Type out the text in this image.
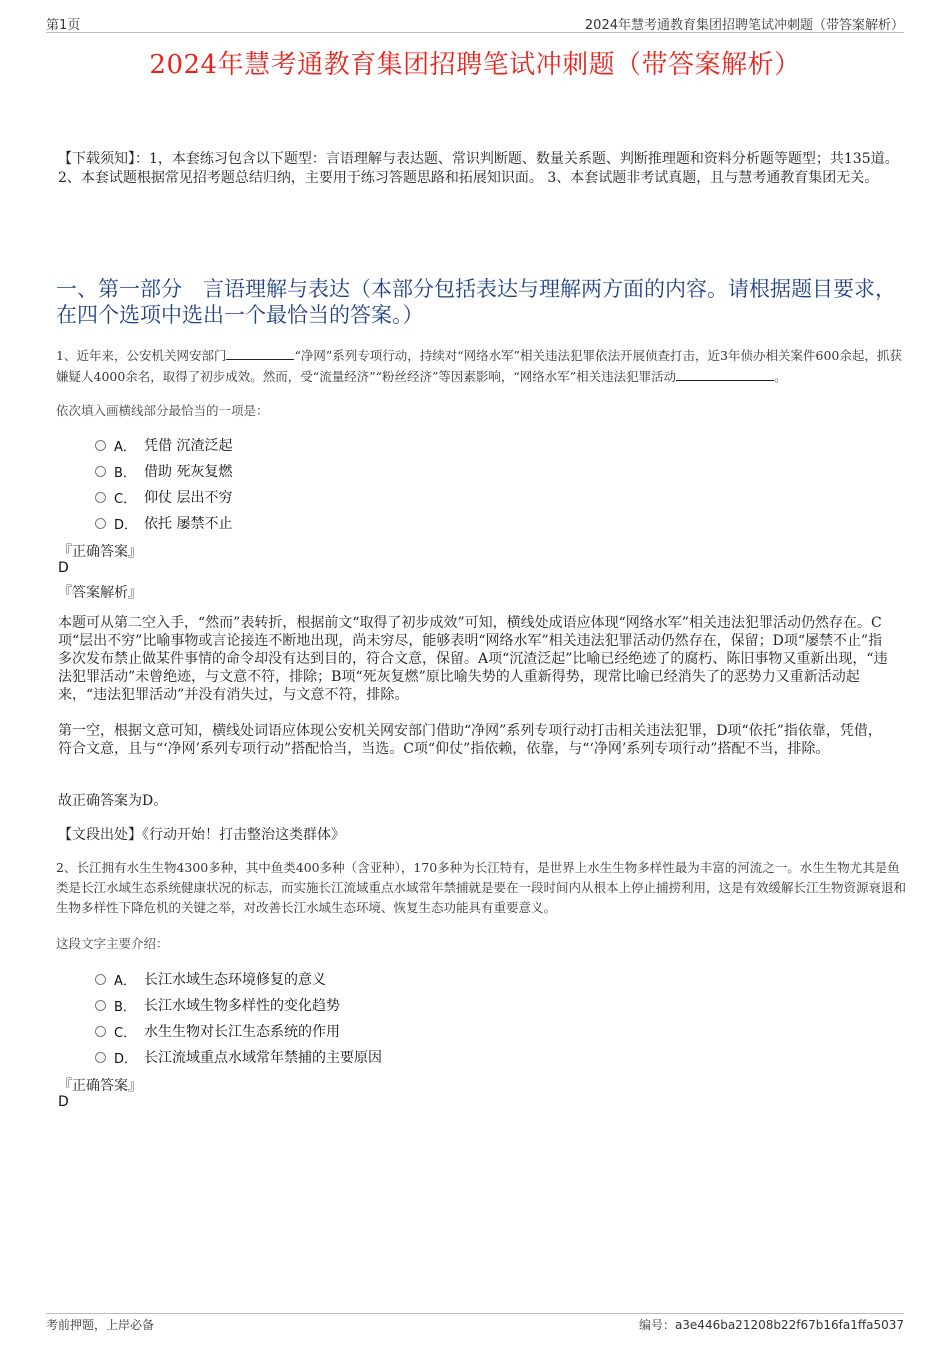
第1页	2024年慧考通教育集团招聘笔试冲刺题（带答案解析）
2024年慧考通教育集团招聘笔试冲刺题（带答案解析）
【下载须知】：1，本套练习包含以下题型：言语理解与表达题、常识判断题、数量关系题、判断推理题和资料分析题等题型；共135道。 2、本套试题根据常见招考题总结归纳，主要用于练习答题思路和拓展知识面。 3、本套试题非考试真题，且与慧考通教育集团无关。
一、第一部分　言语理解与表达（本部分包括表达与理解两方面的内容。请根据题目要求，在四个选项中选出一个最恰当的答案。）
1、近年来，公安机关网安部门	“净网”系列专项行动，持续对“网络水军”相关违法犯罪依法开展侦查打击，近3年侦办相关案件600余起，抓获嫌疑人4000余名，取得了初步成效。然而，受“流量经济”“粉丝经济”等因素影响，“网络水军”相关违法犯罪活动	。
依次填入画横线部分最恰当的一项是：
A． 凭借 沉渣泛起
B． 借助 死灰复燃
C． 仰仗 层出不穷
D． 依托 屡禁不止
『正确答案』
D
『答案解析』
本题可从第二空入手，“然而”表转折，根据前文“取得了初步成效”可知，横线处成语应体现“网络水军”相关违法犯罪活动仍然存在。C项“层出不穷”比喻事物或言论接连不断地出现，尚未穷尽，能够表明“网络水军”相关违法犯罪活动仍然存在，保留；D项“屡禁不止”指多次发布禁止做某件事情的命令却没有达到目的，符合文意，保留。A项“沉渣泛起”比喻已经绝迹了的腐朽、陈旧事物又重新出现，“违法犯罪活动”未曾绝迹，与文意不符，排除；B项“死灰复燃”原比喻失势的人重新得势，现常比喻已经消失了的恶势力又重新活动起来，“违法犯罪活动”并没有消失过，与文意不符，排除。
第一空，根据文意可知，横线处词语应体现公安机关网安部门借助“净网”系列专项行动打击相关违法犯罪，D项“依托”指依靠，凭借，符合文意，且与“‘净网’系列专项行动”搭配恰当，当选。C项“仰仗”指依赖，依靠，与“‘净网’系列专项行动”搭配不当，排除。
故正确答案为D。
【文段出处】《行动开始！打击整治这类群体》
2、长江拥有水生生物4300多种，其中鱼类400多种（含亚种），170多种为长江特有，是世界上水生生物多样性最为丰富的河流之一。水生生物尤其是鱼类是长江水域生态系统健康状况的标志，而实施长江流域重点水域常年禁捕就是要在一段时间内从根本上停止捕捞利用，这是有效缓解长江生物资源衰退和生物多样性下降危机的关键之举，对改善长江水域生态环境、恢复生态功能具有重要意义。
这段文字主要介绍：
A． 长江水域生态环境修复的意义
B． 长江水域生物多样性的变化趋势
C． 水生生物对长江生态系统的作用
D． 长江流域重点水域常年禁捕的主要原因
『正确答案』
D
考前押题，上岸必备	编号：a3e446ba21208b22f67b16fa1ffa5037
